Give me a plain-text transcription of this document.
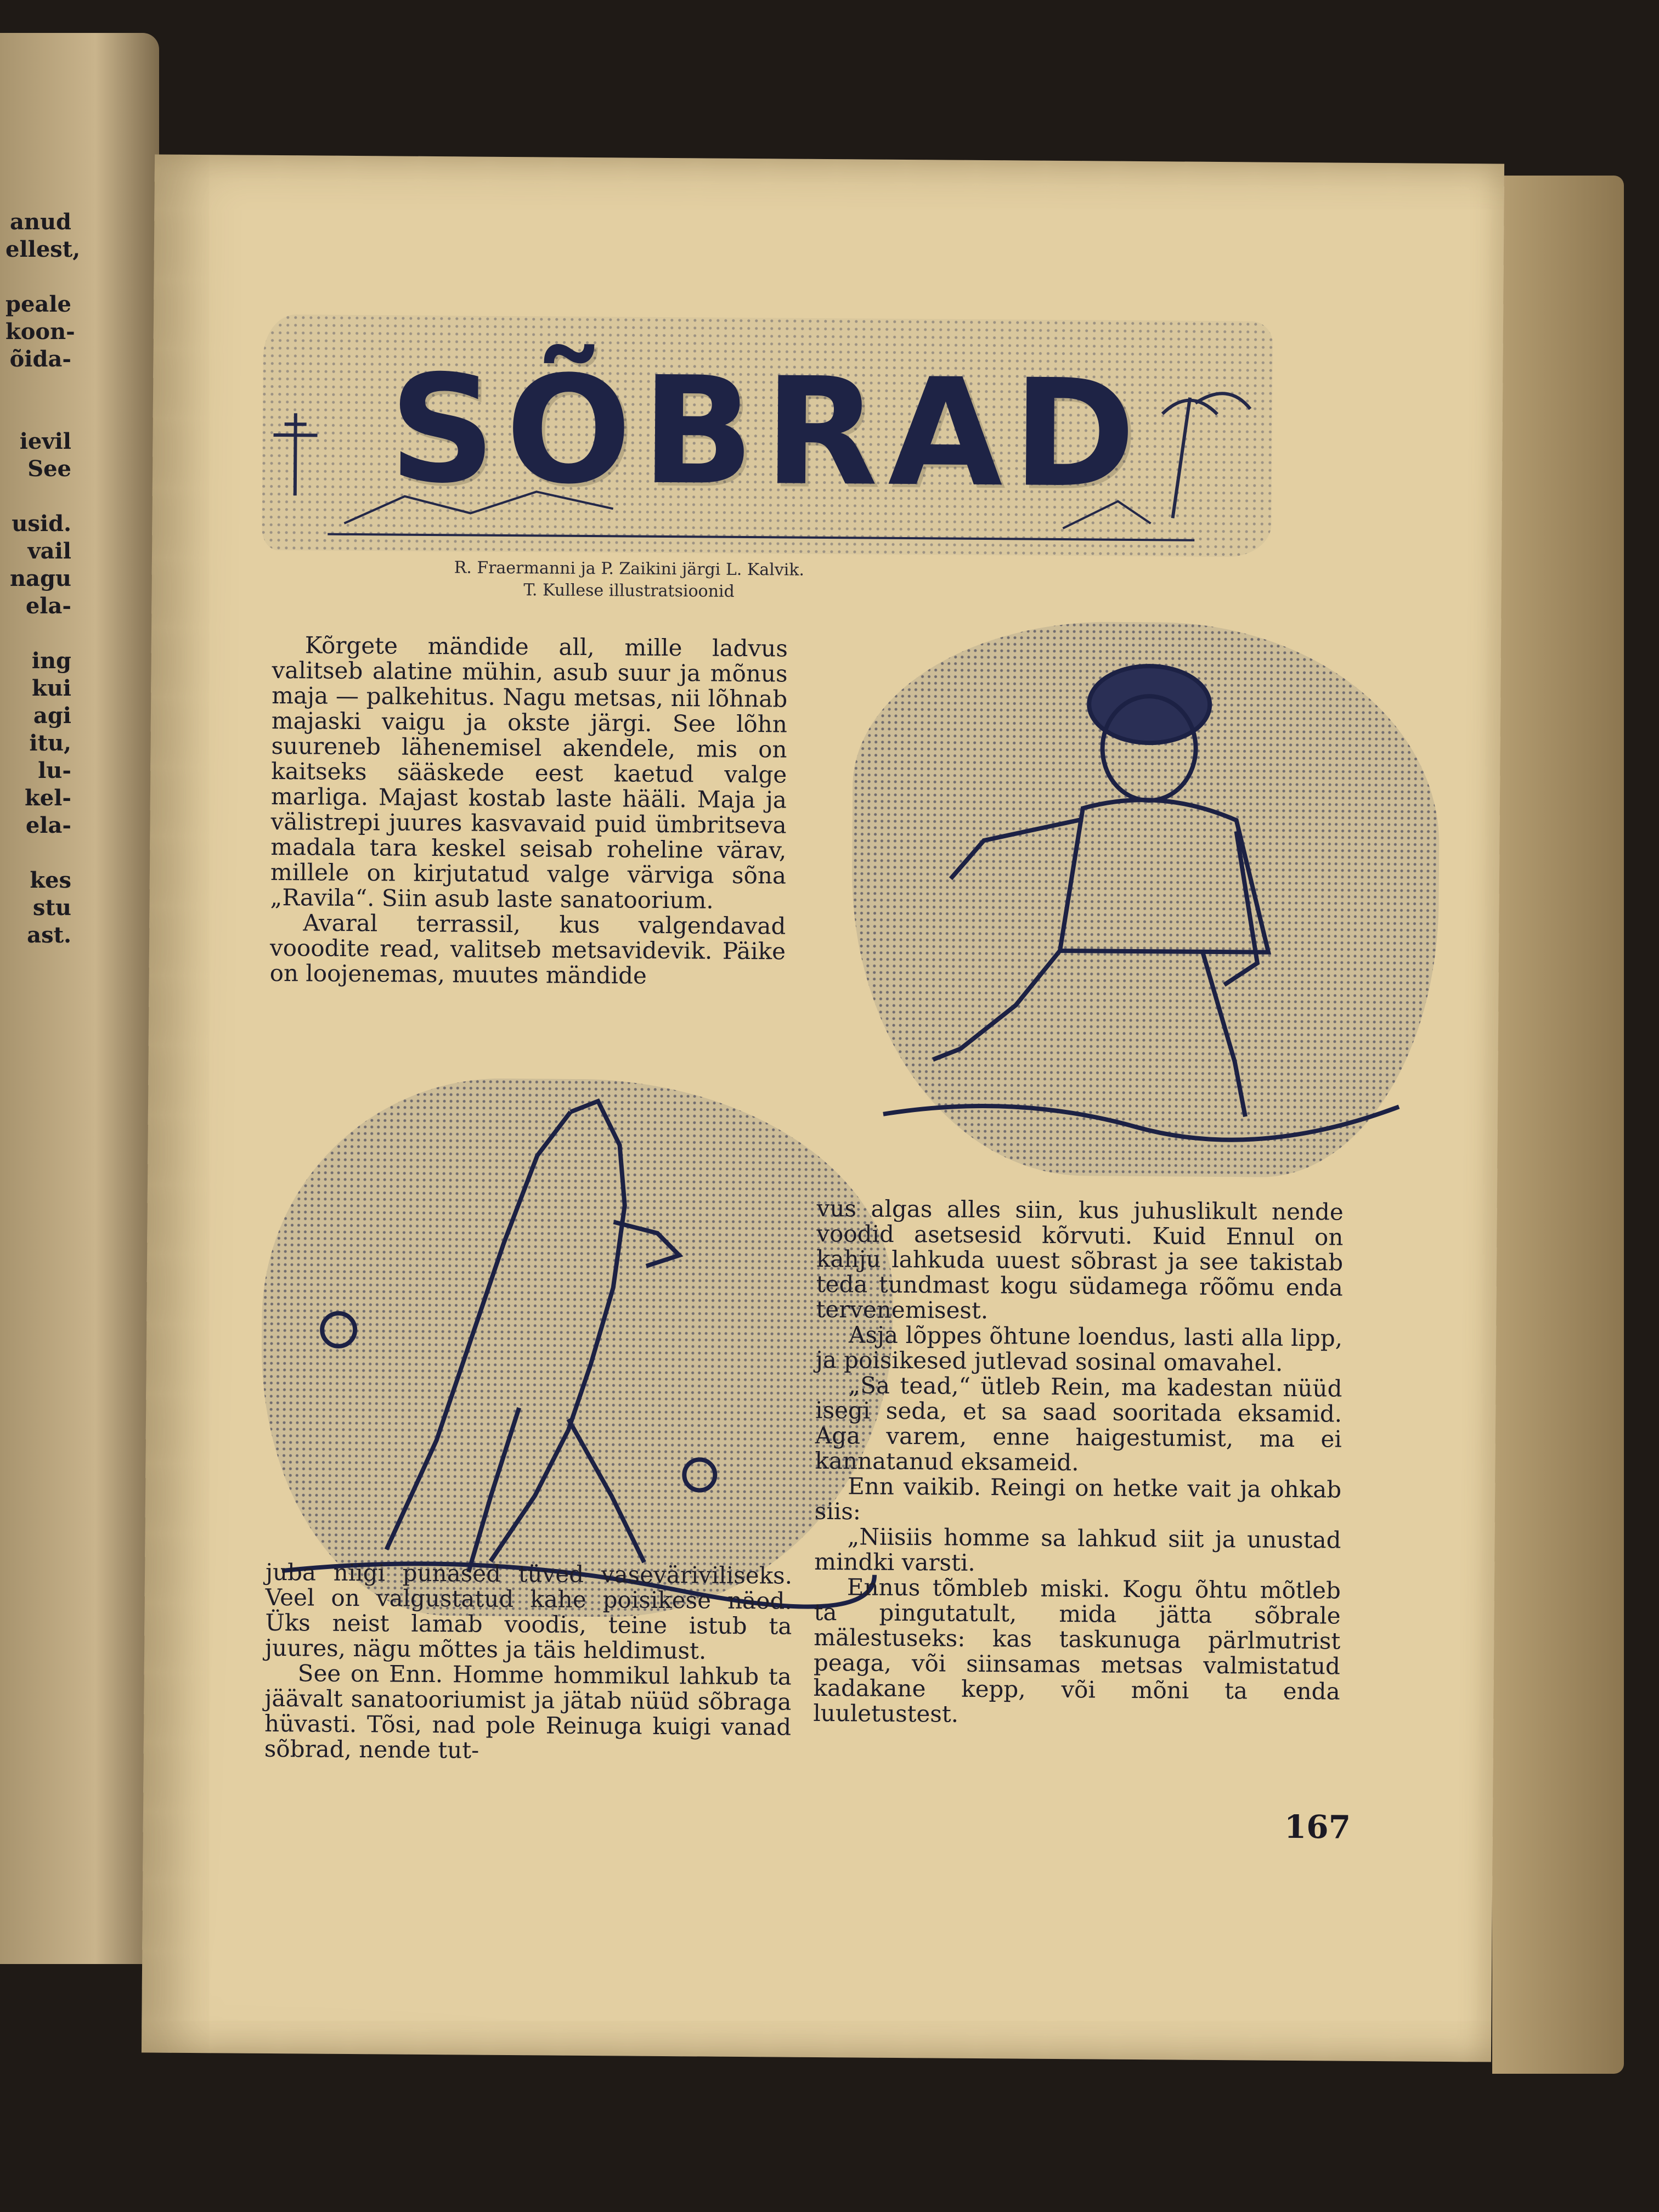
anud
ellest,

peale
koon-
õida-

ievil
See

usid.
vail
nagu
ela-

ing
kui
agi
itu,
lu-
kel-
ela-

kes
stu
ast.
SÕBRAD
R. Fraermanni ja P. Zaikini järgi L. Kalvik.
T. Kullese illustratsioonid

Kõrgete mändide all, mille ladvus valitseb alatine mühin, asub suur ja mõnus maja — palkehitus. Nagu metsas, nii lõhnab majaski vaigu ja okste järgi. See lõhn suureneb lähenemisel akendele, mis on kaitseks sääskede eest kaetud valge marliga. Majast kostab laste hääli. Maja ja välistrepi juures kasvavaid puid ümbritseva madala tara keskel seisab roheline värav, millele on kirjutatud valge värviga sõna „Ravila“. Siin asub laste sanatoorium.

Avaral terrassil, kus valgendavad vooodite read, valitseb metsavidevik. Päike on loojenemas, muutes mändide

juba niigi punased tüved vaseväriviliseks. Veel on valgustatud kahe poisikese näod. Üks neist lamab voodis, teine istub ta juures, nägu mõttes ja täis heldimust.

See on Enn. Homme hommikul lahkub ta jäävalt sanatooriumist ja jätab nüüd sõbraga hüvasti. Tõsi, nad pole Reinuga kuigi vanad sõbrad, nende tut-

vus algas alles siin, kus juhuslikult nende voodid asetsesid kõrvuti. Kuid Ennul on kahju lahkuda uuest sõbrast ja see takistab teda tundmast kogu südamega rõõmu enda tervenemisest.

Asja lõppes õhtune loendus, lasti alla lipp, ja poisikesed jutlevad sosinal omavahel.

„Sa tead,“ ütleb Rein, ma kadestan nüüd isegi seda, et sa saad sooritada eksamid. Aga varem, enne haigestumist, ma ei kannatanud eksameid.

Enn vaikib. Reingi on hetke vait ja ohkab siis:

„Niisiis homme sa lahkud siit ja unustad mindki varsti.

Ennus tõmbleb miski. Kogu õhtu mõtleb ta pingutatult, mida jätta sõbrale mälestuseks: kas taskunuga pärlmutrist peaga, või siinsamas metsas valmistatud kadakane kepp, või mõni ta enda luuletustest.

167
